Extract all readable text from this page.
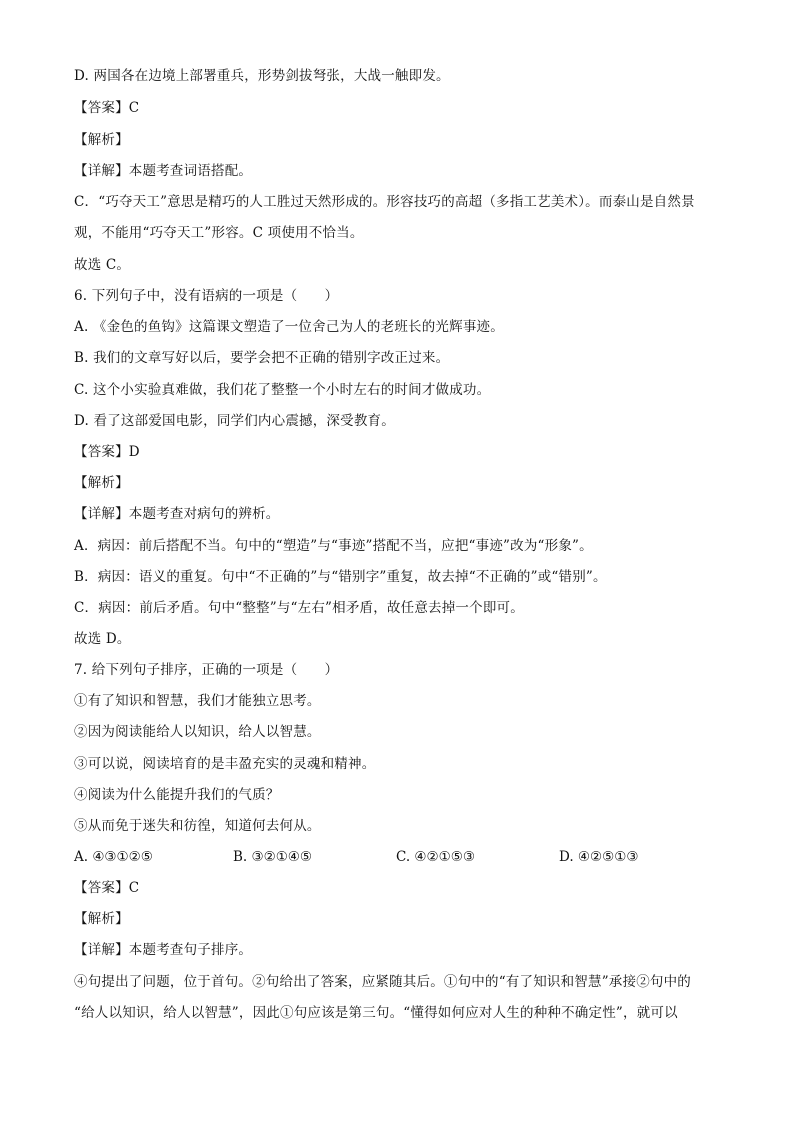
D. 两国各在边境上部署重兵，形势剑拔弩张，大战一触即发。
【答案】C
【解析】
【详解】本题考查词语搭配。
C．“巧夺天工”意思是精巧的人工胜过天然形成的。形容技巧的高超（多指工艺美术）。而泰山是自然景
观，不能用“巧夺天工”形容。C 项使用不恰当。
故选 C。
6. 下列句子中，没有语病的一项是（　　）
A. 《金色的鱼钩》这篇课文塑造了一位舍己为人的老班长的光辉事迹。
B. 我们的文章写好以后，要学会把不正确的错别字改正过来。
C. 这个小实验真难做，我们花了整整一个小时左右的时间才做成功。
D. 看了这部爱国电影，同学们内心震撼，深受教育。
【答案】D
【解析】
【详解】本题考查对病句的辨析。
A．病因：前后搭配不当。句中的“塑造”与“事迹”搭配不当，应把“事迹”改为“形象”。
B．病因：语义的重复。句中“不正确的”与“错别字”重复，故去掉“不正确的”或“错别”。
C．病因：前后矛盾。句中“整整”与“左右”相矛盾，故任意去掉一个即可。
故选 D。
7. 给下列句子排序，正确的一项是（　　）
①有了知识和智慧，我们才能独立思考。
②因为阅读能给人以知识，给人以智慧。
③可以说，阅读培育的是丰盈充实的灵魂和精神。
④阅读为什么能提升我们的气质？
⑤从而免于迷失和彷徨，知道何去何从。
A. ④③①②⑤	B. ③②①④⑤	C. ④②①⑤③	D. ④②⑤①③
【答案】C
【解析】
【详解】本题考查句子排序。
④句提出了问题，位于首句。②句给出了答案，应紧随其后。①句中的“有了知识和智慧”承接②句中的
“给人以知识，给人以智慧”，因此①句应该是第三句。“懂得如何应对人生的种种不确定性”，就可以
